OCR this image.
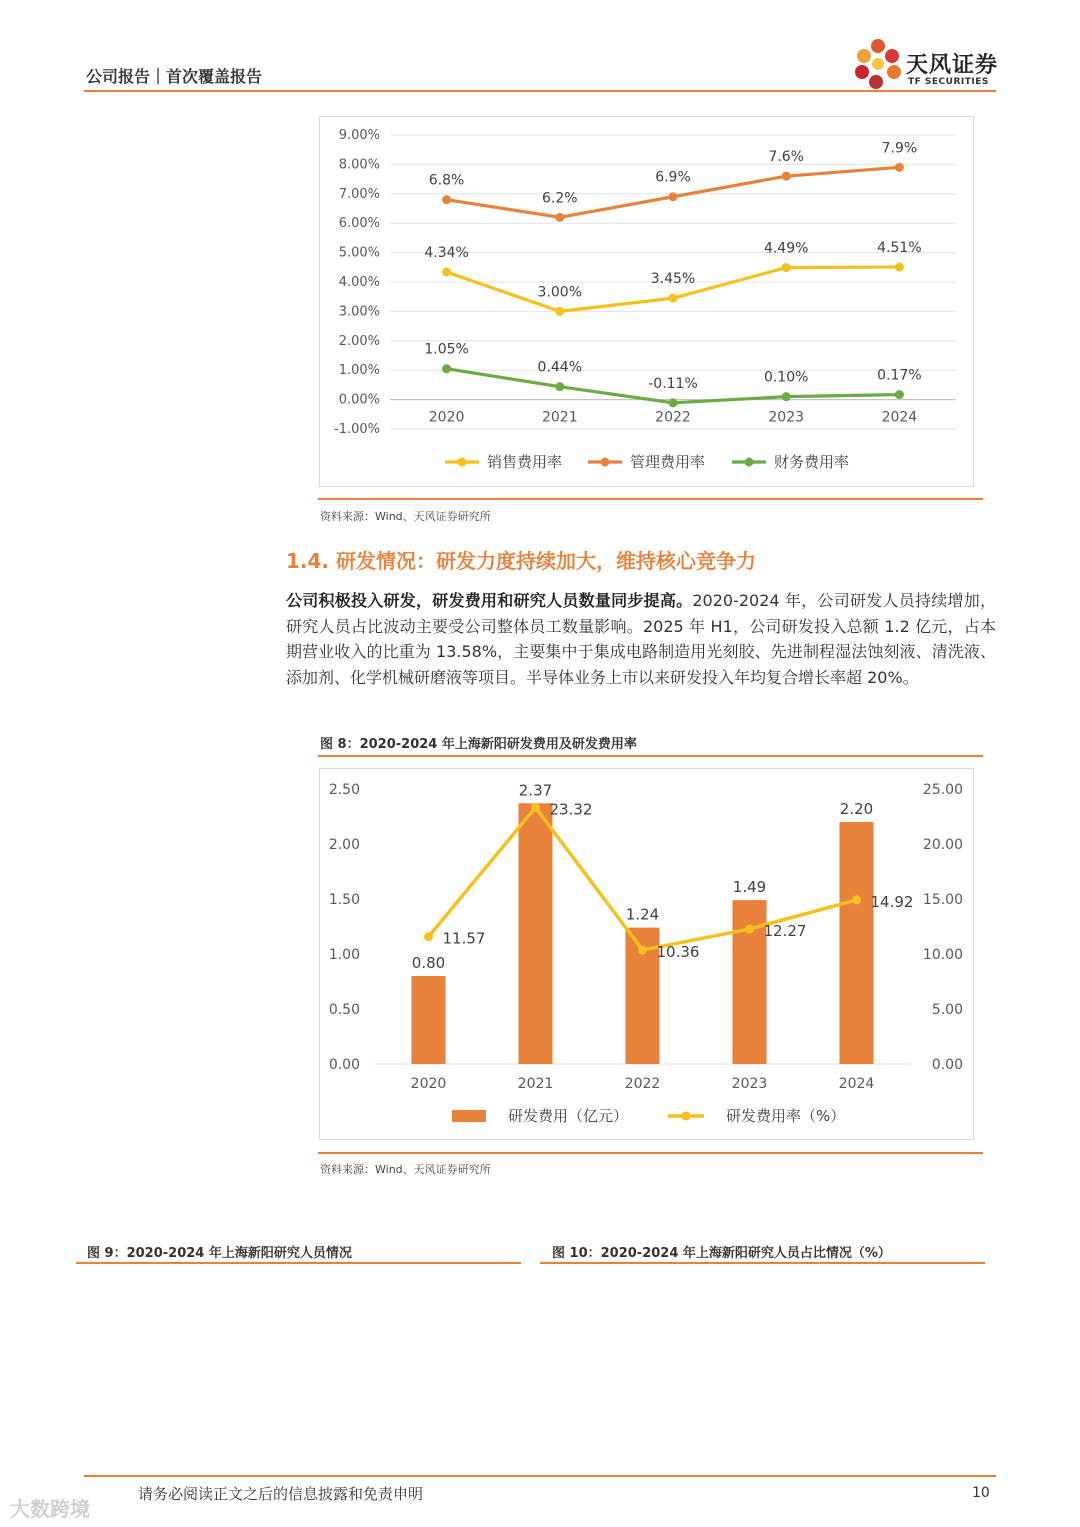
公司报告｜首次覆盖报告	天风证券
TF SECURITIES
9.00%
8.00%
7.00%
6.00%
5.00%
4.00%
3.00%
2.00%
1.00%
0.00%
-1.00%
2020	2021	2022	2023	2024
4.34%
3.00%
3.45%
4.49%	4.51%
6.8%
6.2%
6.9%
7.6%
7.9%
1.05%
0.44%
-0.11%	0.10%	0.17%
销售费用率	管理费用率	财务费用率
资料来源：Wind、天风证券研究所
1.4. 研发情况：研发力度持续加大，维持核心竞争力
公司积极投入研发，研发费用和研究人员数量同步提高。2020-2024 年，公司研发人员持续增加，研究人员占比波动主要受公司整体员工数量影响。2025 年 H1，公司研发投入总额 1.2 亿元，占本期营业收入的比重为 13.58%，主要集中于集成电路制造用光刻胶、先进制程湿法蚀刻液、清洗液、添加剂、化学机械研磨液等项目。半导体业务上市以来研发投入年均复合增长率超 20%。
图 8：2020-2024 年上海新阳研发费用及研发费用率
2.50
2.00
1.50
1.00
0.50
0.00
25.00
20.00
15.00
10.00
5.00
0.00
2020	2021	2022	2023	2024
0.80
2.37
1.24
1.49
2.20
11.57
23.32
10.36
12.27
14.92
研发费用（亿元）	研发费用率（%）
资料来源：Wind、天风证券研究所
图 9：2020-2024 年上海新阳研究人员情况	图 10：2020-2024 年上海新阳研究人员占比情况（%）
请务必阅读正文之后的信息披露和免责申明	10
大数跨境
